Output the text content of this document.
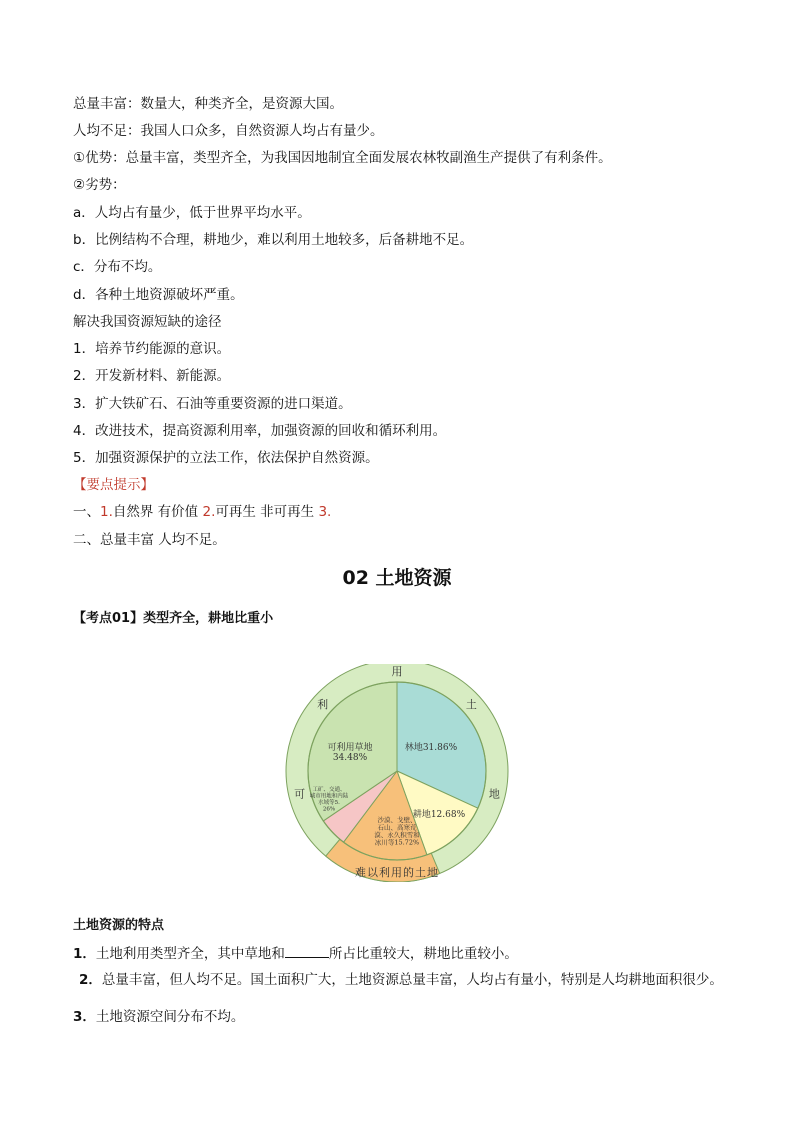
总量丰富：数量大，种类齐全，是资源大国。
人均不足：我国人口众多，自然资源人均占有量少。
①优势：总量丰富，类型齐全，为我国因地制宜全面发展农林牧副渔生产提供了有利条件。
②劣势：
a．人均占有量少，低于世界平均水平。
b．比例结构不合理，耕地少，难以利用土地较多，后备耕地不足。
c．分布不均。
d．各种土地资源破坏严重。
解决我国资源短缺的途径
1．培养节约能源的意识。
2．开发新材料、新能源。
3．扩大铁矿石、石油等重要资源的进口渠道。
4．改进技术，提高资源利用率，加强资源的回收和循环利用。
5．加强资源保护的立法工作，依法保护自然资源。
【要点提示】
一、1.自然界 有价值 2.可再生 非可再生 3.
二、总量丰富 人均不足。
02 土地资源
【考点01】类型齐全，耕地比重小
林地31.86%
耕地12.68%
沙漠、戈壁、石山、高寒荒漠、永久积雪和冰川等15.72%
工矿、交通、城市用地和内陆水域等5. 26%
可利用草地 34.48%
可
利
用
土
地
难以利用的土地
土地资源的特点
1．土地利用类型齐全，其中草地和	所占比重较大，耕地比重较小。
2．总量丰富，但人均不足。国土面积广大，土地资源总量丰富，人均占有量小，特别是人均耕地面积很少。
3．土地资源空间分布不均。
